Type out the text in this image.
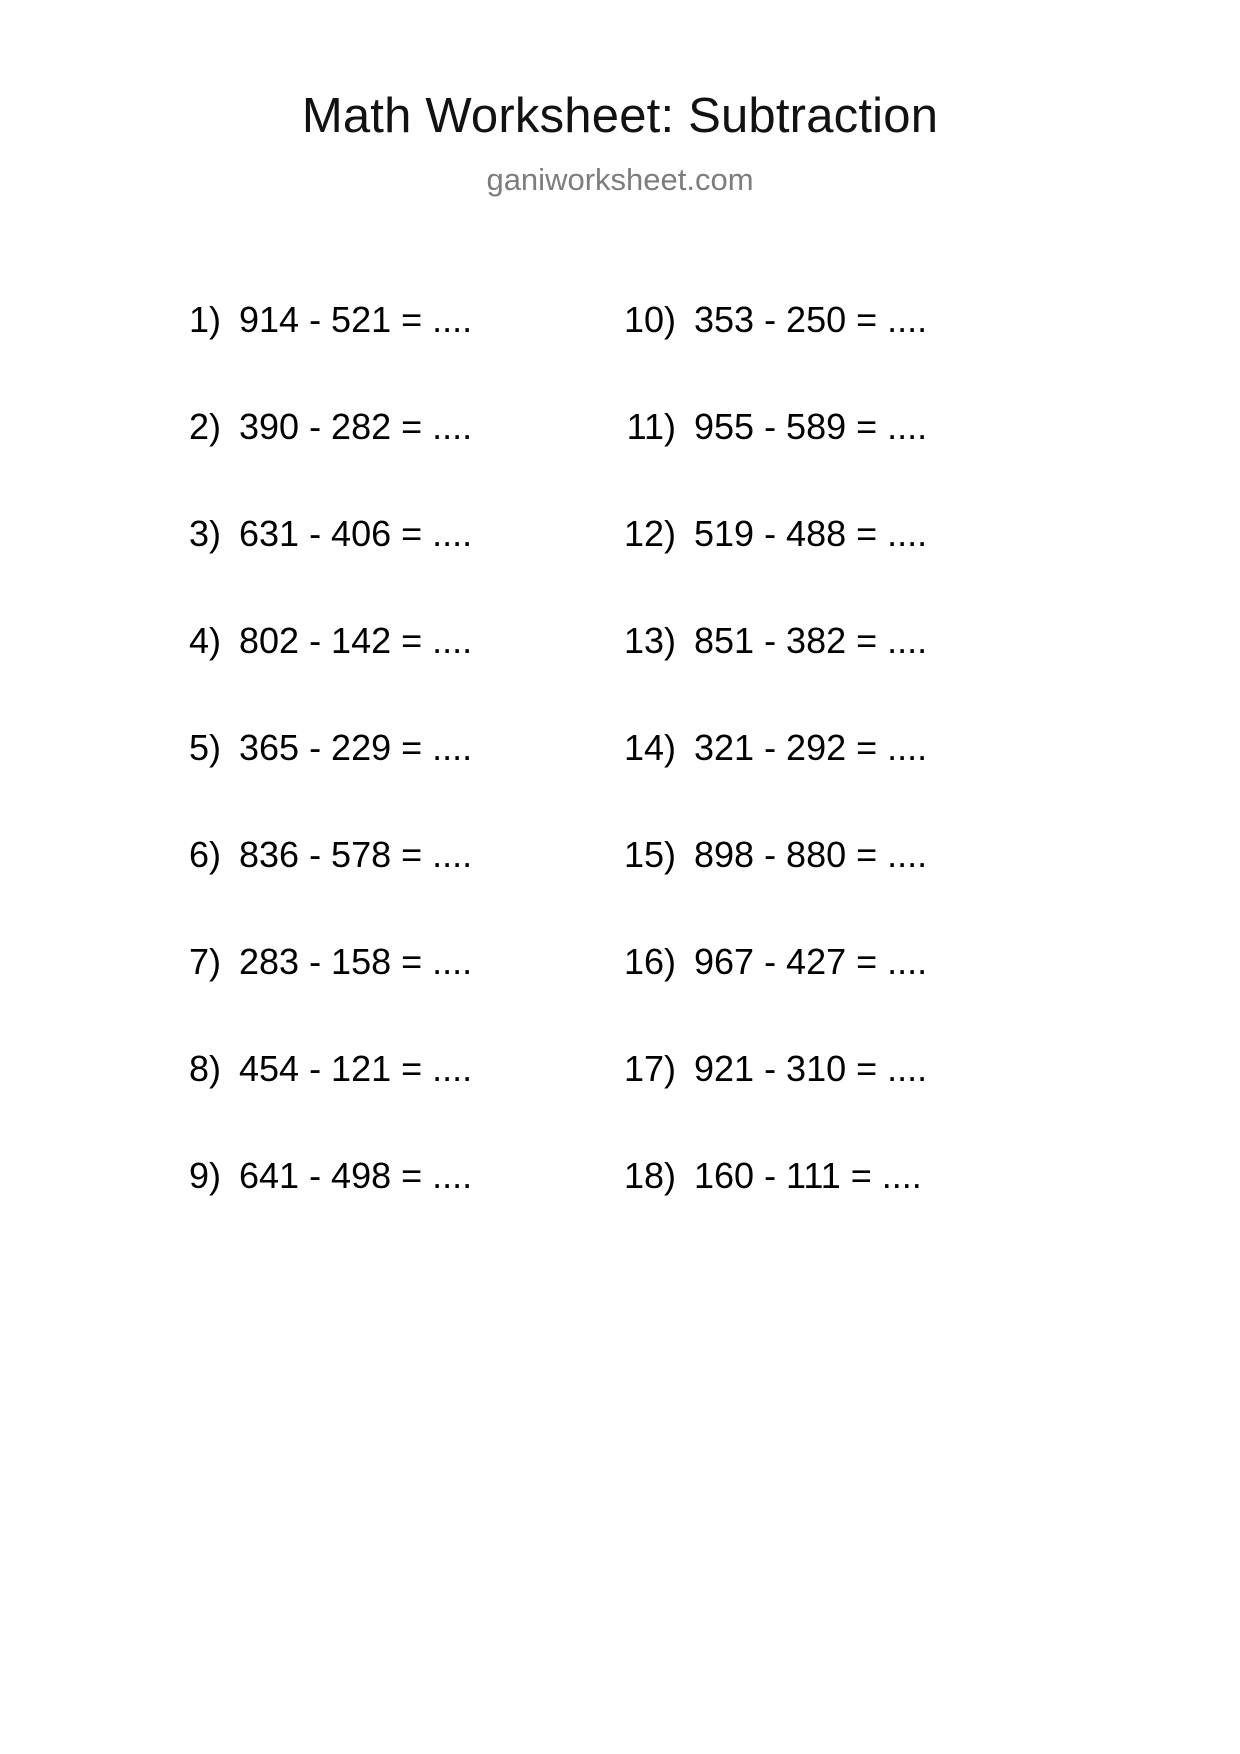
Math Worksheet: Subtraction
ganiworksheet.com
1) 914 - 521 = ....	10) 353 - 250 = ....
2) 390 - 282 = ....	11) 955 - 589 = ....
3) 631 - 406 = ....	12) 519 - 488 = ....
4) 802 - 142 = ....	13) 851 - 382 = ....
5) 365 - 229 = ....	14) 321 - 292 = ....
6) 836 - 578 = ....	15) 898 - 880 = ....
7) 283 - 158 = ....	16) 967 - 427 = ....
8) 454 - 121 = ....	17) 921 - 310 = ....
9) 641 - 498 = ....	18) 160 - 111 = ....
